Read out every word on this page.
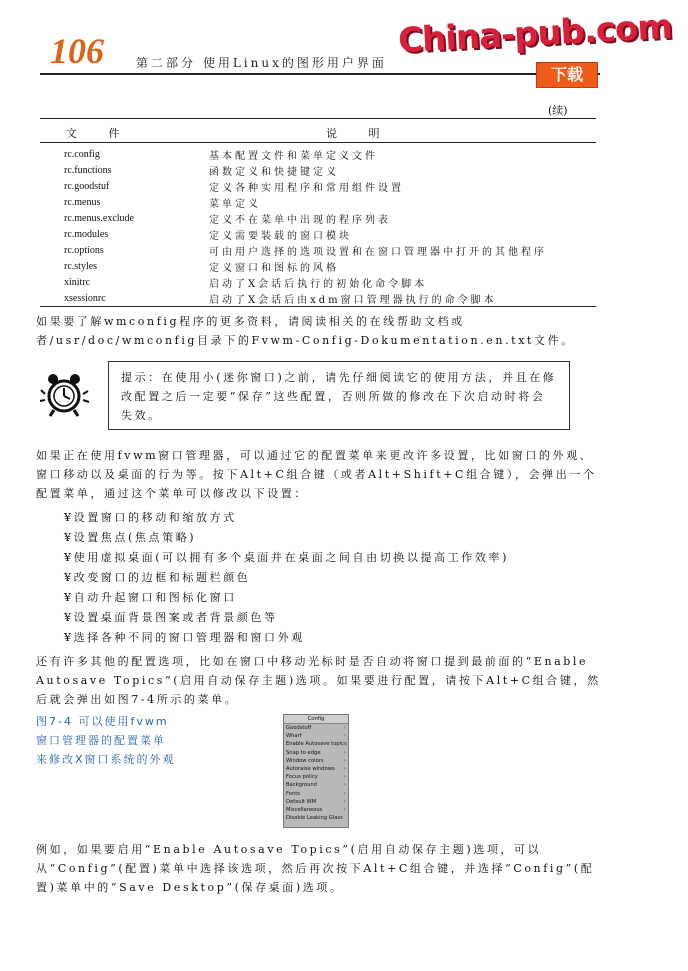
106	第二部分 使用Linux的图形用户界面
China-pub.com
下载
(续)
文 件	说 明
rc.config	基本配置文件和菜单定义文件
rc.functions	函数定义和快捷键定义
rc.goodstuf	定义各种实用程序和常用组件设置
rc.menus	菜单定义
rc.menus.exclude	定义不在菜单中出现的程序列表
rc.modules	定义需要装载的窗口模块
rc.options	可由用户选择的选项设置和在窗口管理器中打开的其他程序
rc.styles	定义窗口和图标的风格
xinitrc	启动了X会话后执行的初始化命令脚本
xsessionrc	启动了X会话后由xdm窗口管理器执行的命令脚本
如果要了解wmconfig程序的更多资料，请阅读相关的在线帮助文档或者/usr/doc/wmconfig目录下的Fvwm-Config-Dokumentation.en.txt文件。
提示：在使用小(迷你窗口)之前，请先仔细阅读它的使用方法，并且在修改配置之后一定要“保存”这些配置，否则所做的修改在下次启动时将会失效。
如果正在使用fvwm窗口管理器，可以通过它的配置菜单来更改许多设置，比如窗口的外观、窗口移动以及桌面的行为等。按下Alt+C组合键（或者Alt+Shift+C组合键），会弹出一个配置菜单，通过这个菜单可以修改以下设置：
¥设置窗口的移动和缩放方式
¥设置焦点(焦点策略)
¥使用虚拟桌面(可以拥有多个桌面并在桌面之间自由切换以提高工作效率)
¥改变窗口的边框和标题栏颜色
¥自动升起窗口和图标化窗口
¥设置桌面背景图案或者背景颜色等
¥选择各种不同的窗口管理器和窗口外观
还有许多其他的配置选项，比如在窗口中移动光标时是否自动将窗口提到最前面的“Enable Autosave Topics”(启用自动保存主题)选项。如果要进行配置，请按下Alt+C组合键，然后就会弹出如图7-4所示的菜单。
图7-4 可以使用fvwm窗口管理器的配置菜单来修改X窗口系统的外观
Config
Goodstuff	›
Wharf	›
Enable Autosave topics
Snap to edge	›
Window colors	›
Autoraise windows ›
Focus policy	›
Background	›
Fonts	›
Default WM	›
Miscellaneous	›
Disable Leaking Glass
例如，如果要启用“Enable Autosave Topics”(启用自动保存主题)选项，可以从“Config”(配置)菜单中选择该选项，然后再次按下Alt+C组合键，并选择“Config”(配置)菜单中的“Save Desktop”(保存桌面)选项。
